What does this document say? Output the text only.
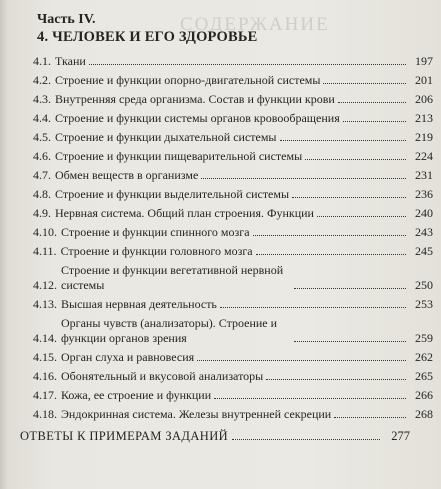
СОДЕРЖАНИЕ

Часть IV.

4. ЧЕЛОВЕК И ЕГО ЗДОРОВЬЕ

4.1. Ткани	197
4.2. Строение и функции опорно-двигательной системы	201
4.3. Внутренняя среда организма. Состав и функции крови	206
4.4. Строение и функции системы органов кровообращения	213
4.5. Строение и функции дыхательной системы	219
4.6. Строение и функции пищеварительной системы	224
4.7. Обмен веществ в организме	231
4.8. Строение и функции выделительной системы	236
4.9. Нервная система. Общий план строения. Функции	240
4.10. Строение и функции спинного мозга	243
4.11. Строение и функции головного мозга	245
4.12.
Строение и функции вегетативной нервной системы	250
4.13. Высшая нервная деятельность	253
4.14.
Органы чувств (анализаторы). Строение и функции органов зрения	259
4.15. Орган слуха и равновесия	262
4.16. Обонятельный и вкусовой анализаторы	265
4.17. Кожа, ее строение и функции	266
4.18. Эндокринная система. Железы внутренней секреции	268
ОТВЕТЫ К ПРИМЕРАМ ЗАДАНИЙ	277
